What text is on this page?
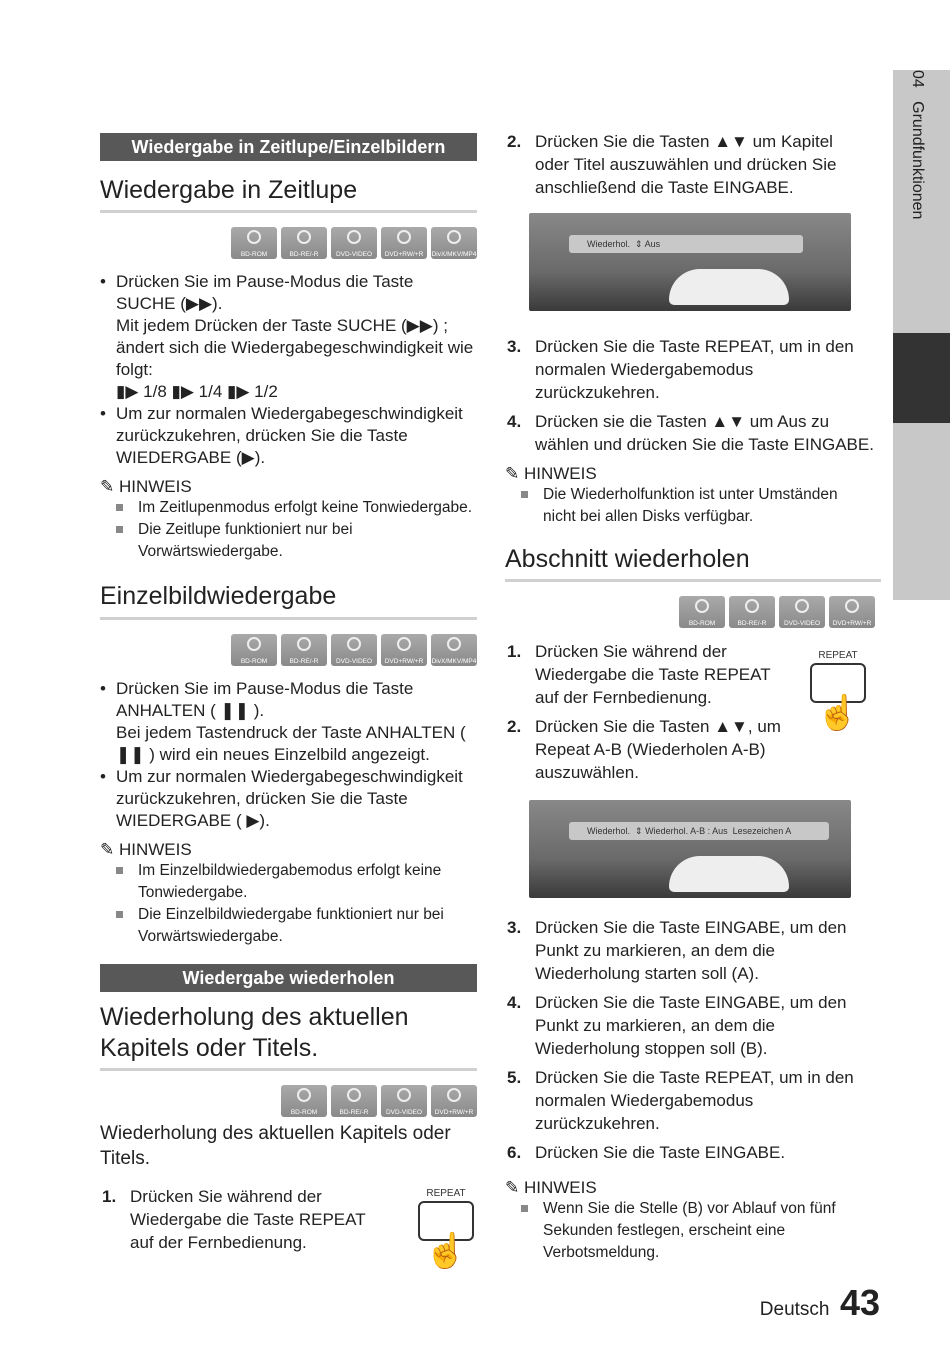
04   Grundfunktionen
Wiedergabe in Zeitlupe/Einzelbildern
Wiedergabe in Zeitlupe
BD-ROM	BD-RE/-R	DVD-VIDEO	DVD+RW/+R	DivX/MKV/MP4
• Drücken Sie im Pause-Modus die Taste SUCHE (▶▶).
Mit jedem Drücken der Taste SUCHE (▶▶) ;
ändert sich die Wiedergabegeschwindigkeit wie
folgt:
▮▶ 1/8 ▮▶ 1/4 ▮▶ 1/2
• Um zur normalen Wiedergabegeschwindigkeit
zurückzukehren, drücken Sie die Taste
WIEDERGABE (▶).
✎ HINWEIS
Im Zeitlupenmodus erfolgt keine Tonwiedergabe.
Die Zeitlupe funktioniert nur bei
Vorwärtswiedergabe.
Einzelbildwiedergabe
BD-ROM	BD-RE/-R	DVD-VIDEO	DVD+RW/+R	DivX/MKV/MP4
• Drücken Sie im Pause-Modus die Taste
ANHALTEN ( ❚❚ ).
Bei jedem Tastendruck der Taste ANHALTEN (
❚❚ ) wird ein neues Einzelbild angezeigt.
• Um zur normalen Wiedergabegeschwindigkeit
zurückzukehren, drücken Sie die Taste
WIEDERGABE ( ▶).
✎ HINWEIS
Im Einzelbildwiedergabemodus erfolgt keine
Tonwiedergabe.
Die Einzelbildwiedergabe funktioniert nur bei
Vorwärtswiedergabe.
Wiedergabe wiederholen
Wiederholung des aktuellen
Kapitels oder Titels.
BD-ROM	BD-RE/-R	DVD-VIDEO	DVD+RW/+R
Wiederholung des aktuellen Kapitels oder
Titels.
1. Drücken Sie während der
Wiedergabe die Taste REPEAT
auf der Fernbedienung.
REPEAT
☝
2. Drücken Sie die Tasten ▲▼ um Kapitel
oder Titel auszuwählen und drücken Sie
anschließend die Taste EINGABE.
Wiederhol. ⇕ Aus
3. Drücken Sie die Taste REPEAT, um in den
normalen Wiedergabemodus
zurückzukehren.
4. Drücken sie die Tasten ▲▼ um Aus zu
wählen und drücken Sie die Taste EINGABE.
✎ HINWEIS
Die Wiederholfunktion ist unter Umständen
nicht bei allen Disks verfügbar.
Abschnitt wiederholen
BD-ROM	BD-RE/-R	DVD-VIDEO	DVD+RW/+R
1. Drücken Sie während der
Wiedergabe die Taste REPEAT
auf der Fernbedienung.
2. Drücken Sie die Tasten ▲▼, um
Repeat A-B (Wiederholen A-B)
auszuwählen.
Wiederhol. ⇕ Wiederhol. A-B : Aus Lesezeichen A
3. Drücken Sie die Taste EINGABE, um den
Punkt zu markieren, an dem die
Wiederholung starten soll (A).
4. Drücken Sie die Taste EINGABE, um den
Punkt zu markieren, an dem die
Wiederholung stoppen soll (B).
5. Drücken Sie die Taste REPEAT, um in den
normalen Wiedergabemodus
zurückzukehren.
6. Drücken Sie die Taste EINGABE.
✎ HINWEIS
Wenn Sie die Stelle (B) vor Ablauf von fünf
Sekunden festlegen, erscheint eine
Verbotsmeldung.
REPEAT
☝
Deutsch 43
